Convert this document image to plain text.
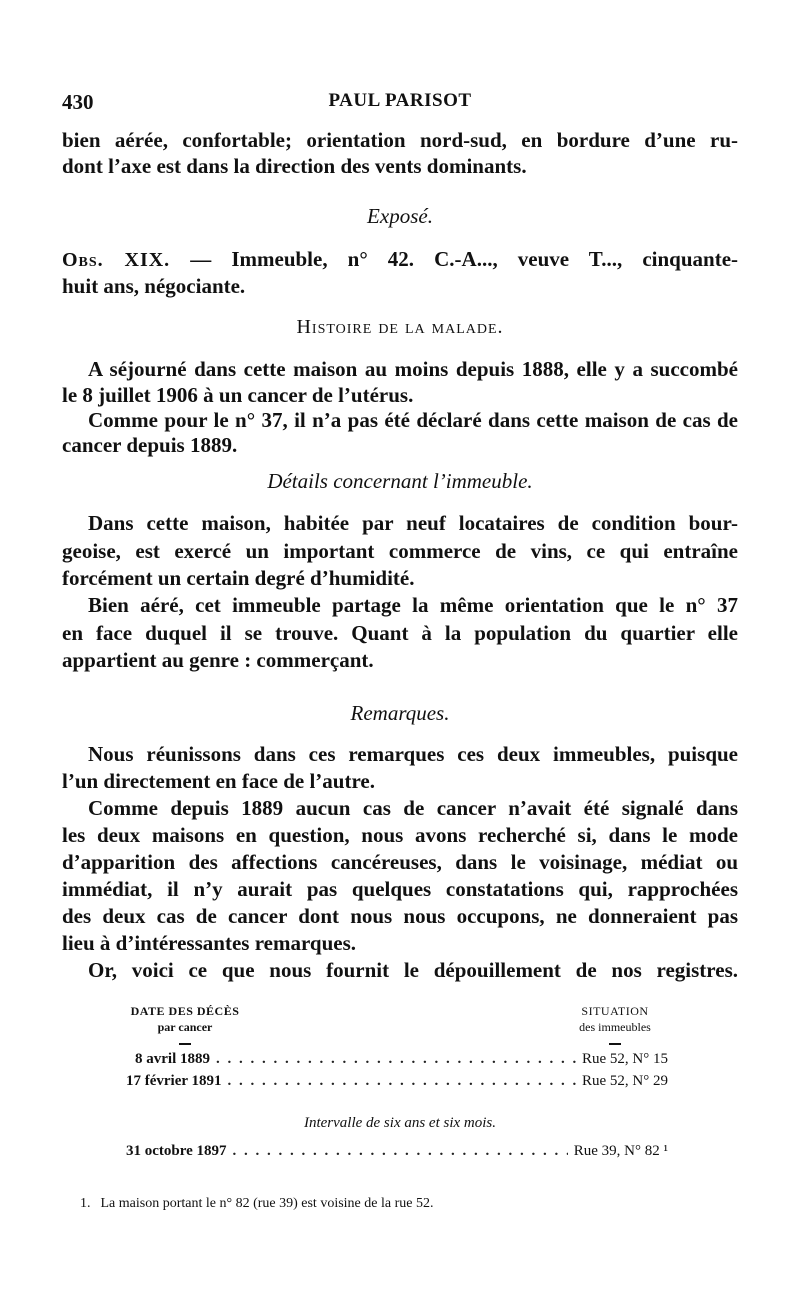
430	PAUL PARISOT
bien aérée, confortable; orientation nord-sud, en bordure d’une ru-
dont l’axe est dans la direction des vents dominants.
Exposé.
Obs. XIX. — Immeuble, n° 42. C.-A..., veuve T..., cinquante-
huit ans, négociante.
Histoire de la malade.
A séjourné dans cette maison au moins depuis 1888, elle y a succombé
le 8 juillet 1906 à un cancer de l’utérus.
Comme pour le n° 37, il n’a pas été déclaré dans cette maison de cas de
cancer depuis 1889.
Détails concernant l’immeuble.
Dans cette maison, habitée par neuf locataires de condition bour-
geoise, est exercé un important commerce de vins, ce qui entraîne
forcément un certain degré d’humidité.
Bien aéré, cet immeuble partage la même orientation que le n° 37
en face duquel il se trouve. Quant à la population du quartier elle
appartient au genre : commerçant.
Remarques.
Nous réunissons dans ces remarques ces deux immeubles, puisque
l’un directement en face de l’autre.
Comme depuis 1889 aucun cas de cancer n’avait été signalé dans
les deux maisons en question, nous avons recherché si, dans le mode
d’apparition des affections cancéreuses, dans le voisinage, médiat ou
immédiat, il n’y aurait pas quelques constatations qui, rapprochées
des deux cas de cancer dont nous nous occupons, ne donneraient pas
lieu à d’intéressantes remarques.
Or, voici ce que nous fournit le dépouillement de nos registres.
DATE DES DÉCÈS
par cancer
SITUATION
des immeubles
8 avril 1889 . . .	Rue 52, N° 15
17 février 1891 . . .	Rue 52, N° 29
Intervalle de six ans et six mois.
31 octobre 1897 . . .	Rue 39, N° 82 ¹
1. La maison portant le n° 82 (rue 39) est voisine de la rue 52.
